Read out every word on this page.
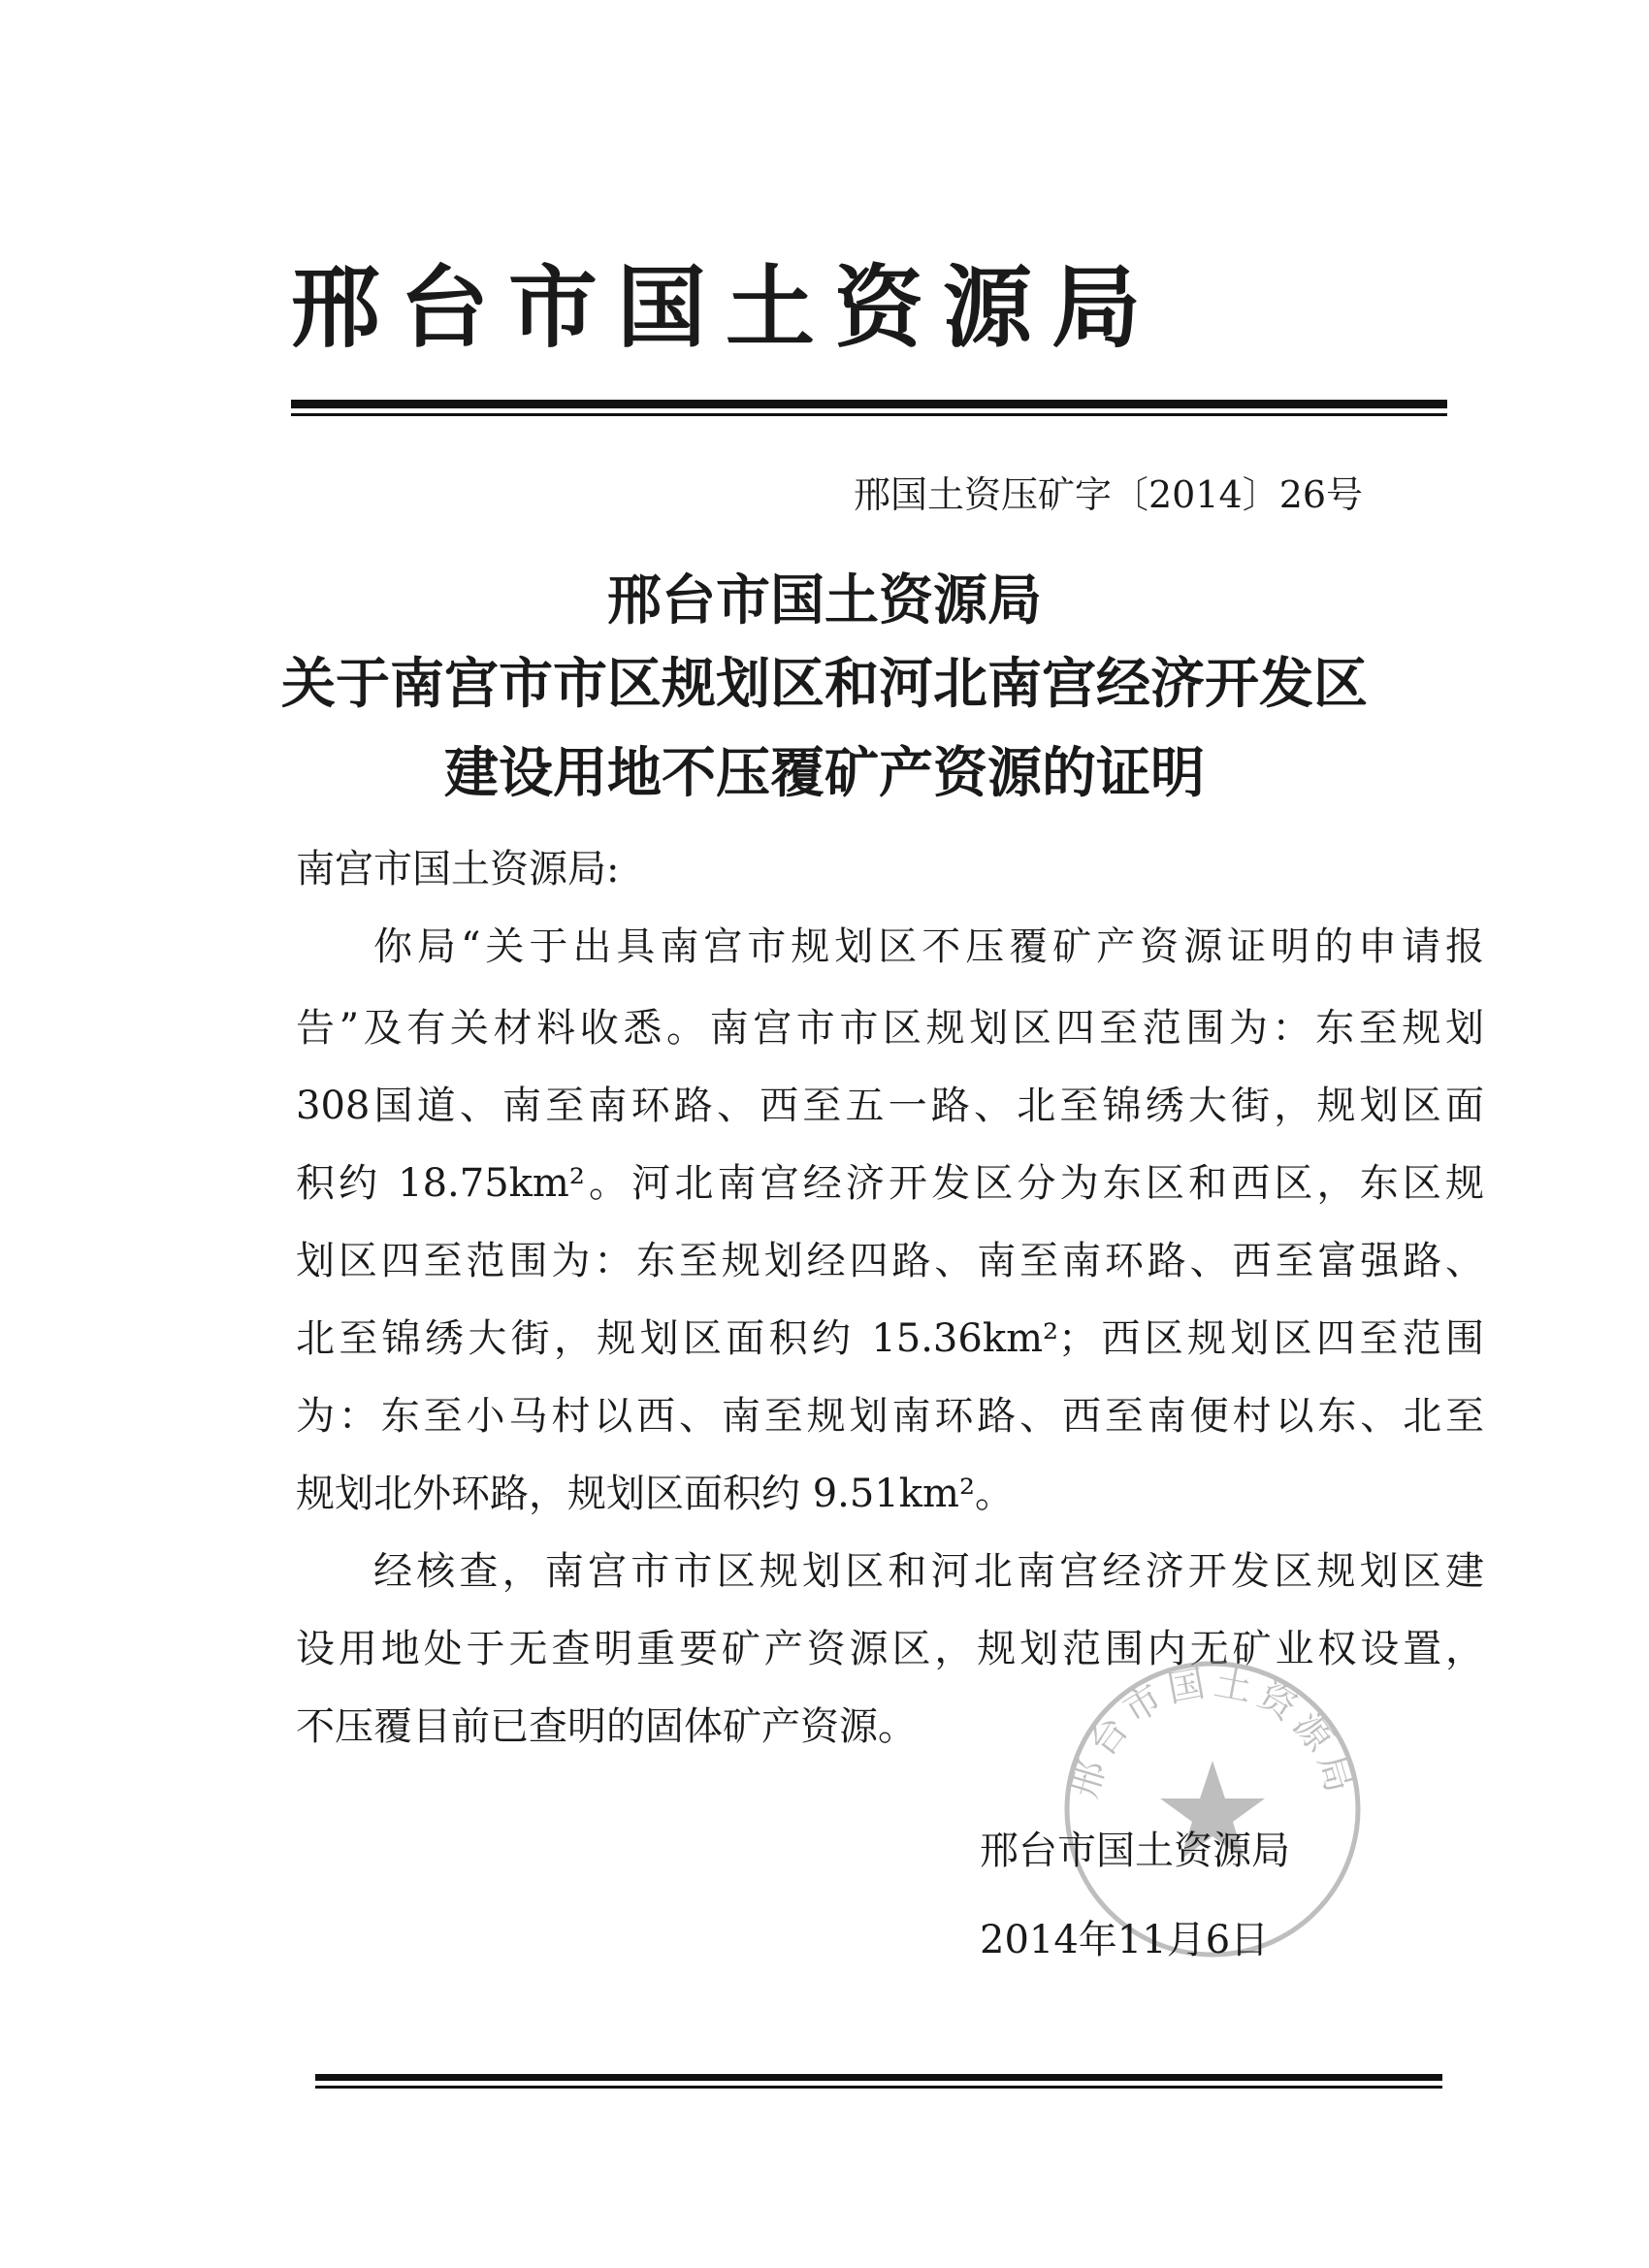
邢台市国土资源局
邢国土资压矿字〔2014〕26号
邢台市国土资源局
关于南宫市市区规划区和河北南宫经济开发区
建设用地不压覆矿产资源的证明
南宫市国土资源局:
你局“关于出具南宫市规划区不压覆矿产资源证明的申请报
告”及有关材料收悉。南宫市市区规划区四至范围为：东至规划
308国道、南至南环路、西至五一路、北至锦绣大街，规划区面
积约 18.75km²。河北南宫经济开发区分为东区和西区，东区规
划区四至范围为：东至规划经四路、南至南环路、西至富强路、
北至锦绣大街，规划区面积约 15.36km²；西区规划区四至范围
为：东至小马村以西、南至规划南环路、西至南便村以东、北至
规划北外环路，规划区面积约 9.51km²。
经核查，南宫市市区规划区和河北南宫经济开发区规划区建
设用地处于无查明重要矿产资源区，规划范围内无矿业权设置，
不压覆目前已查明的固体矿产资源。
邢台市国土资源局
邢台市国土资源局
2014年11月6日
